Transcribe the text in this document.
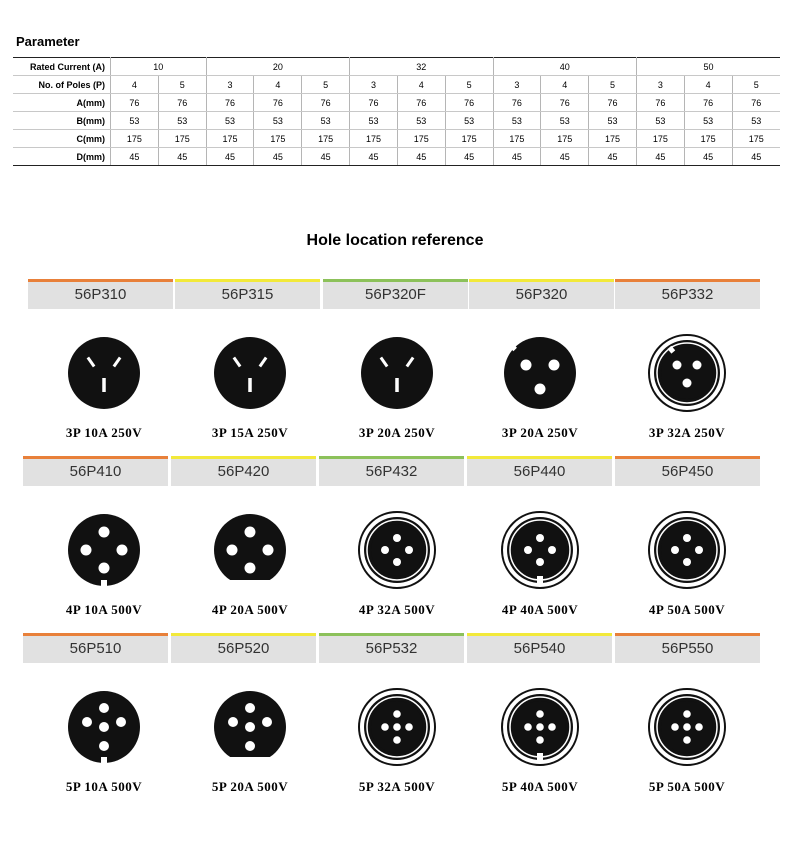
Parameter
Rated Current (A)	10		20			32			40			50		
No. of Poles (P)	4	5	3	4	5	3	4	5	3	4	5	3	4	5
A(mm)	76	76	76	76	76	76	76	76	76	76	76	76	76	76
B(mm)	53	53	53	53	53	53	53	53	53	53	53	53	53	53
C(mm)	175	175	175	175	175	175	175	175	175	175	175	175	175	175
D(mm)	45	45	45	45	45	45	45	45	45	45	45	45	45	45
Hole location reference
56P310
3P 10A 250V
56P315
3P 15A 250V
56P320F
3P 20A 250V
56P320
3P 20A 250V
56P332
3P 32A 250V
56P410
4P 10A 500V
56P420
4P 20A 500V
56P432
4P 32A 500V
56P440
4P 40A 500V
56P450
4P 50A 500V
56P510
5P 10A 500V
56P520
5P 20A 500V
56P532
5P 32A 500V
56P540
5P 40A 500V
56P550
5P 50A 500V
